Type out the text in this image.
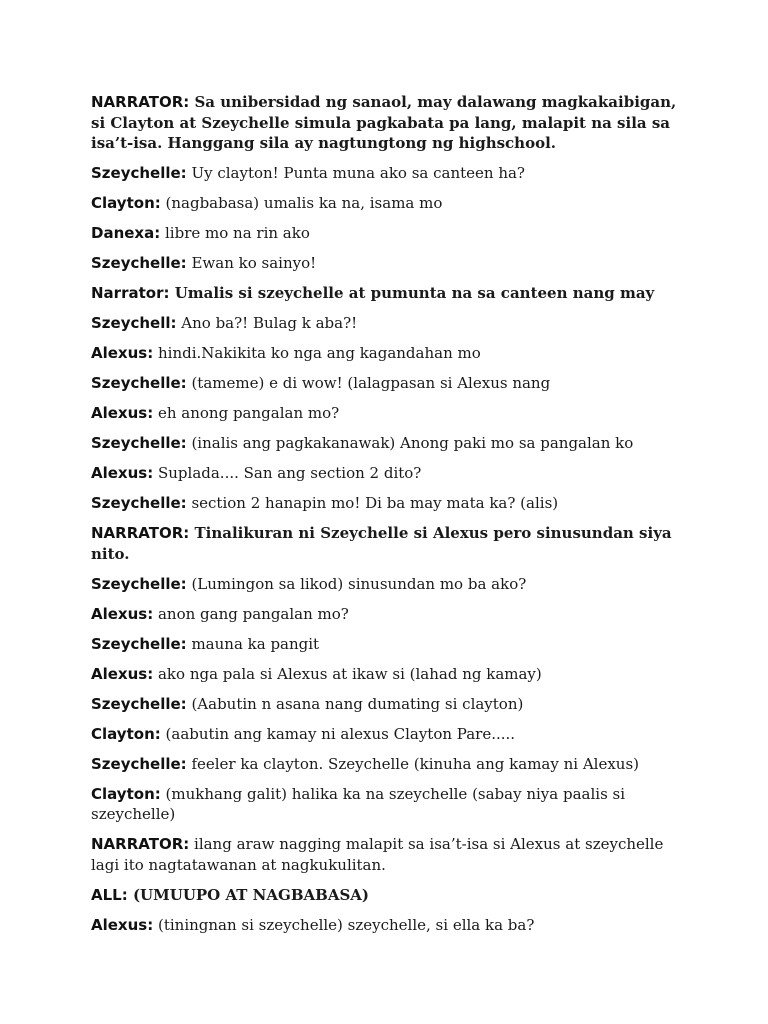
NARRATOR: Sa unibersidad ng sanaol, may dalawang magkakaibigan, si Clayton at Szeychelle simula pagkabata pa lang, malapit na sila sa isa’t-isa. Hanggang sila ay nagtungtong ng highschool.

Szeychelle: Uy clayton! Punta muna ako sa canteen ha?

Clayton: (nagbabasa) umalis ka na, isama mo

Danexa: libre mo na rin ako

Szeychelle: Ewan ko sainyo!

Narrator: Umalis si szeychelle at pumunta na sa canteen nang may

Szeychell: Ano ba?! Bulag k aba?!

Alexus: hindi.Nakikita ko nga ang kagandahan mo

Szeychelle: (tameme) e di wow! (lalagpasan si Alexus nang

Alexus: eh anong pangalan mo?

Szeychelle: (inalis ang pagkakanawak) Anong paki mo sa pangalan ko

Alexus: Suplada.... San ang section 2 dito?

Szeychelle: section 2 hanapin mo! Di ba may mata ka? (alis)

NARRATOR: Tinalikuran ni Szeychelle si Alexus pero sinusundan siya nito.

Szeychelle: (Lumingon sa likod) sinusundan mo ba ako?

Alexus: anon gang pangalan mo?

Szeychelle: mauna ka pangit

Alexus: ako nga pala si Alexus at ikaw si (lahad ng kamay)

Szeychelle: (Aabutin n asana nang dumating si clayton)

Clayton: (aabutin ang kamay ni alexus Clayton Pare.....

Szeychelle: feeler ka clayton. Szeychelle (kinuha ang kamay ni Alexus)

Clayton: (mukhang galit) halika ka na szeychelle (sabay niya paalis si szeychelle)

NARRATOR: ilang araw nagging malapit sa isa’t-isa si Alexus at szeychelle lagi ito nagtatawanan at nagkukulitan.

ALL: (UMUUPO AT NAGBABASA)

Alexus: (tiningnan si szeychelle) szeychelle, si ella ka ba?
